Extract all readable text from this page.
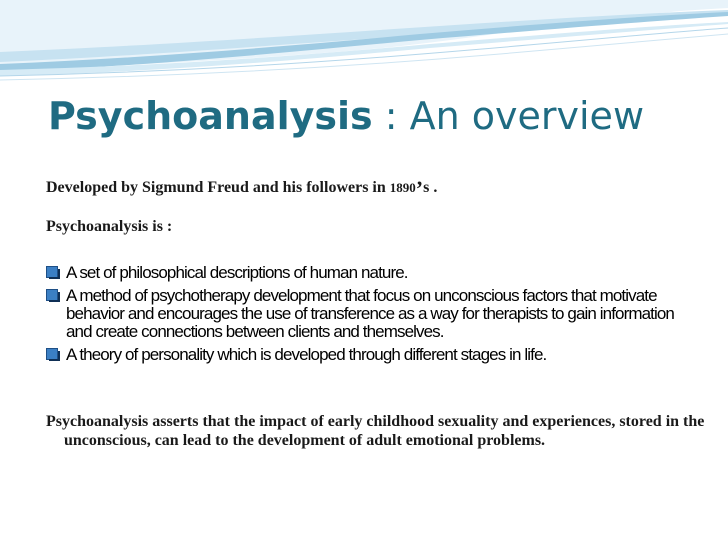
Psychoanalysis : An overview
Developed by Sigmund Freud and his followers in 1890’s .
Psychoanalysis is :
A set of philosophical descriptions of human nature.
A method of psychotherapy development that focus on unconscious factors that motivate behavior and encourages the use of transference as a way for therapists to gain information and create connections between clients and themselves.
A theory of personality which is developed through different stages in life.

Psychoanalysis asserts that the impact of early childhood sexuality and experiences, stored in the unconscious, can lead to the development of adult emotional problems.
